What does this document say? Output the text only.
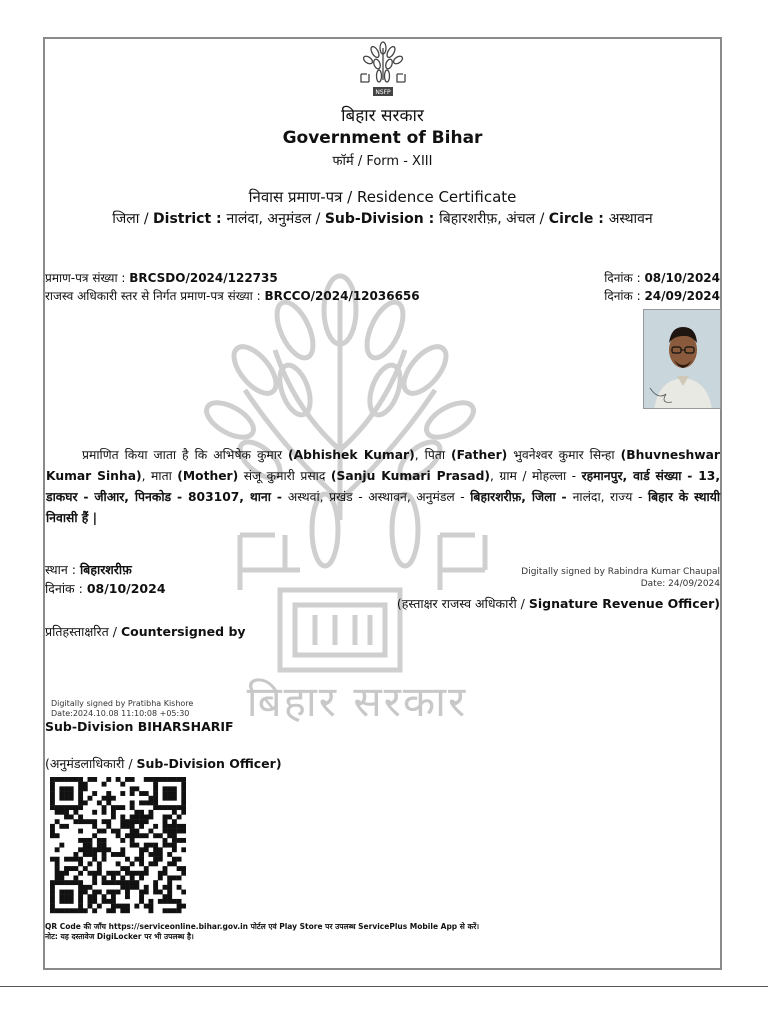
बिहार सरकार
NSFP
बिहार सरकार
Government of Bihar
फॉर्म / Form - XIII
निवास प्रमाण-पत्र / Residence Certificate
जिला / District : नालंदा, अनुमंडल / Sub-Division : बिहारशरीफ़, अंचल / Circle : अस्थावन
प्रमाण-पत्र संख्या : BRCSDO/2024/122735
राजस्व अधिकारी स्तर से निर्गत प्रमाण-पत्र संख्या : BRCCO/2024/12036656
दिनांक : 08/10/2024
दिनांक : 24/09/2024
प्रमाणित किया जाता है कि अभिषेक कुमार (Abhishek Kumar), पिता (Father) भुवनेश्वर कुमार सिन्हा (Bhuvneshwar Kumar Sinha), माता (Mother) संजू कुमारी प्रसाद (Sanju Kumari Prasad), ग्राम / मोहल्ला - रहमानपुर, वार्ड संख्या - 13, डाकघर - जीआर, पिनकोड - 803107, थाना - अस्थवां, प्रखंड - अस्थावन, अनुमंडल - बिहारशरीफ़, जिला - नालंदा, राज्य - बिहार के स्थायी निवासी हैं |
स्थान : बिहारशरीफ़
दिनांक : 08/10/2024
Digitally signed by Rabindra Kumar Chaupal
Date: 24/09/2024
(हस्ताक्षर राजस्व अधिकारी / Signature Revenue Officer)
प्रतिहस्ताक्षरित / Countersigned by
Digitally signed by Pratibha Kishore
Date:2024.10.08 11:10:08 +05:30
Sub-Division BIHARSHARIF
(अनुमंडलाधिकारी / Sub-Division Officer)
QR Code की जाँच https://serviceonline.bihar.gov.in पोर्टल एवं Play Store पर उपलब्ध ServicePlus Mobile App से करें।
नोट: यह दस्तावेज DigiLocker पर भी उपलब्ध है।
